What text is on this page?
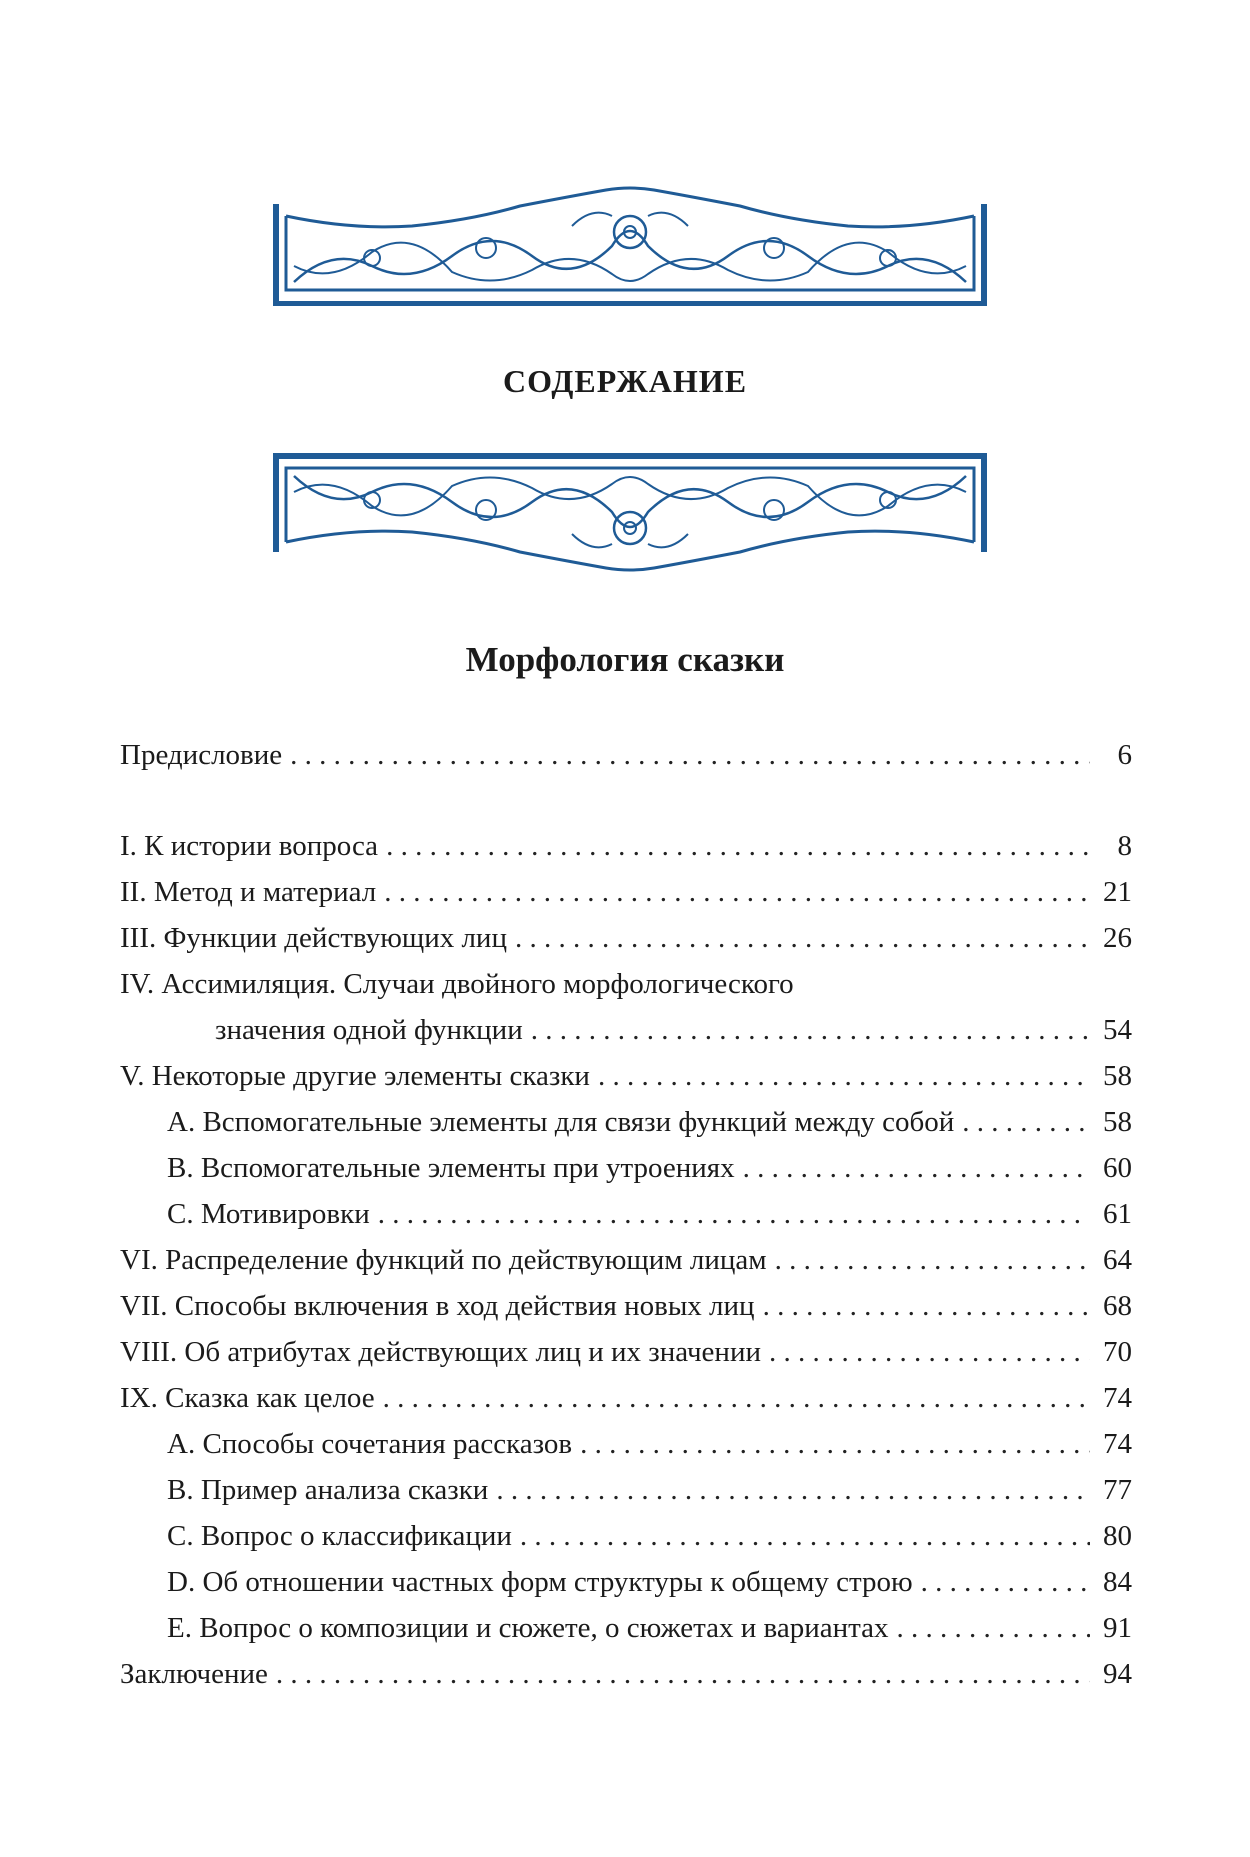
СОДЕРЖАНИЕ
Морфология сказки
Предисловие . . .	6
I. К истории вопроса . . .	8
II. Метод и материал . . .	21
III. Функции действующих лиц . . .	26
IV. Ассимиляция. Случаи двойного морфологического
значения одной функции . . .	54
V. Некоторые другие элементы сказки . . .	58
A. Вспомогательные элементы для связи функций между собой . . .	58
B. Вспомогательные элементы при утроениях . . .	60
C. Мотивировки . . .	61
VI. Распределение функций по действующим лицам . . .	64
VII. Способы включения в ход действия новых лиц . . .	68
VIII. Об атрибутах действующих лиц и их значении . . .	70
IX. Сказка как целое . . .	74
A. Способы сочетания рассказов . . .	74
B. Пример анализа сказки . . .	77
C. Вопрос о классификации . . .	80
D. Об отношении частных форм структуры к общему строю . . .	84
E. Вопрос о композиции и сюжете, о сюжетах и вариантах . . .	91
Заключение . . .	94
